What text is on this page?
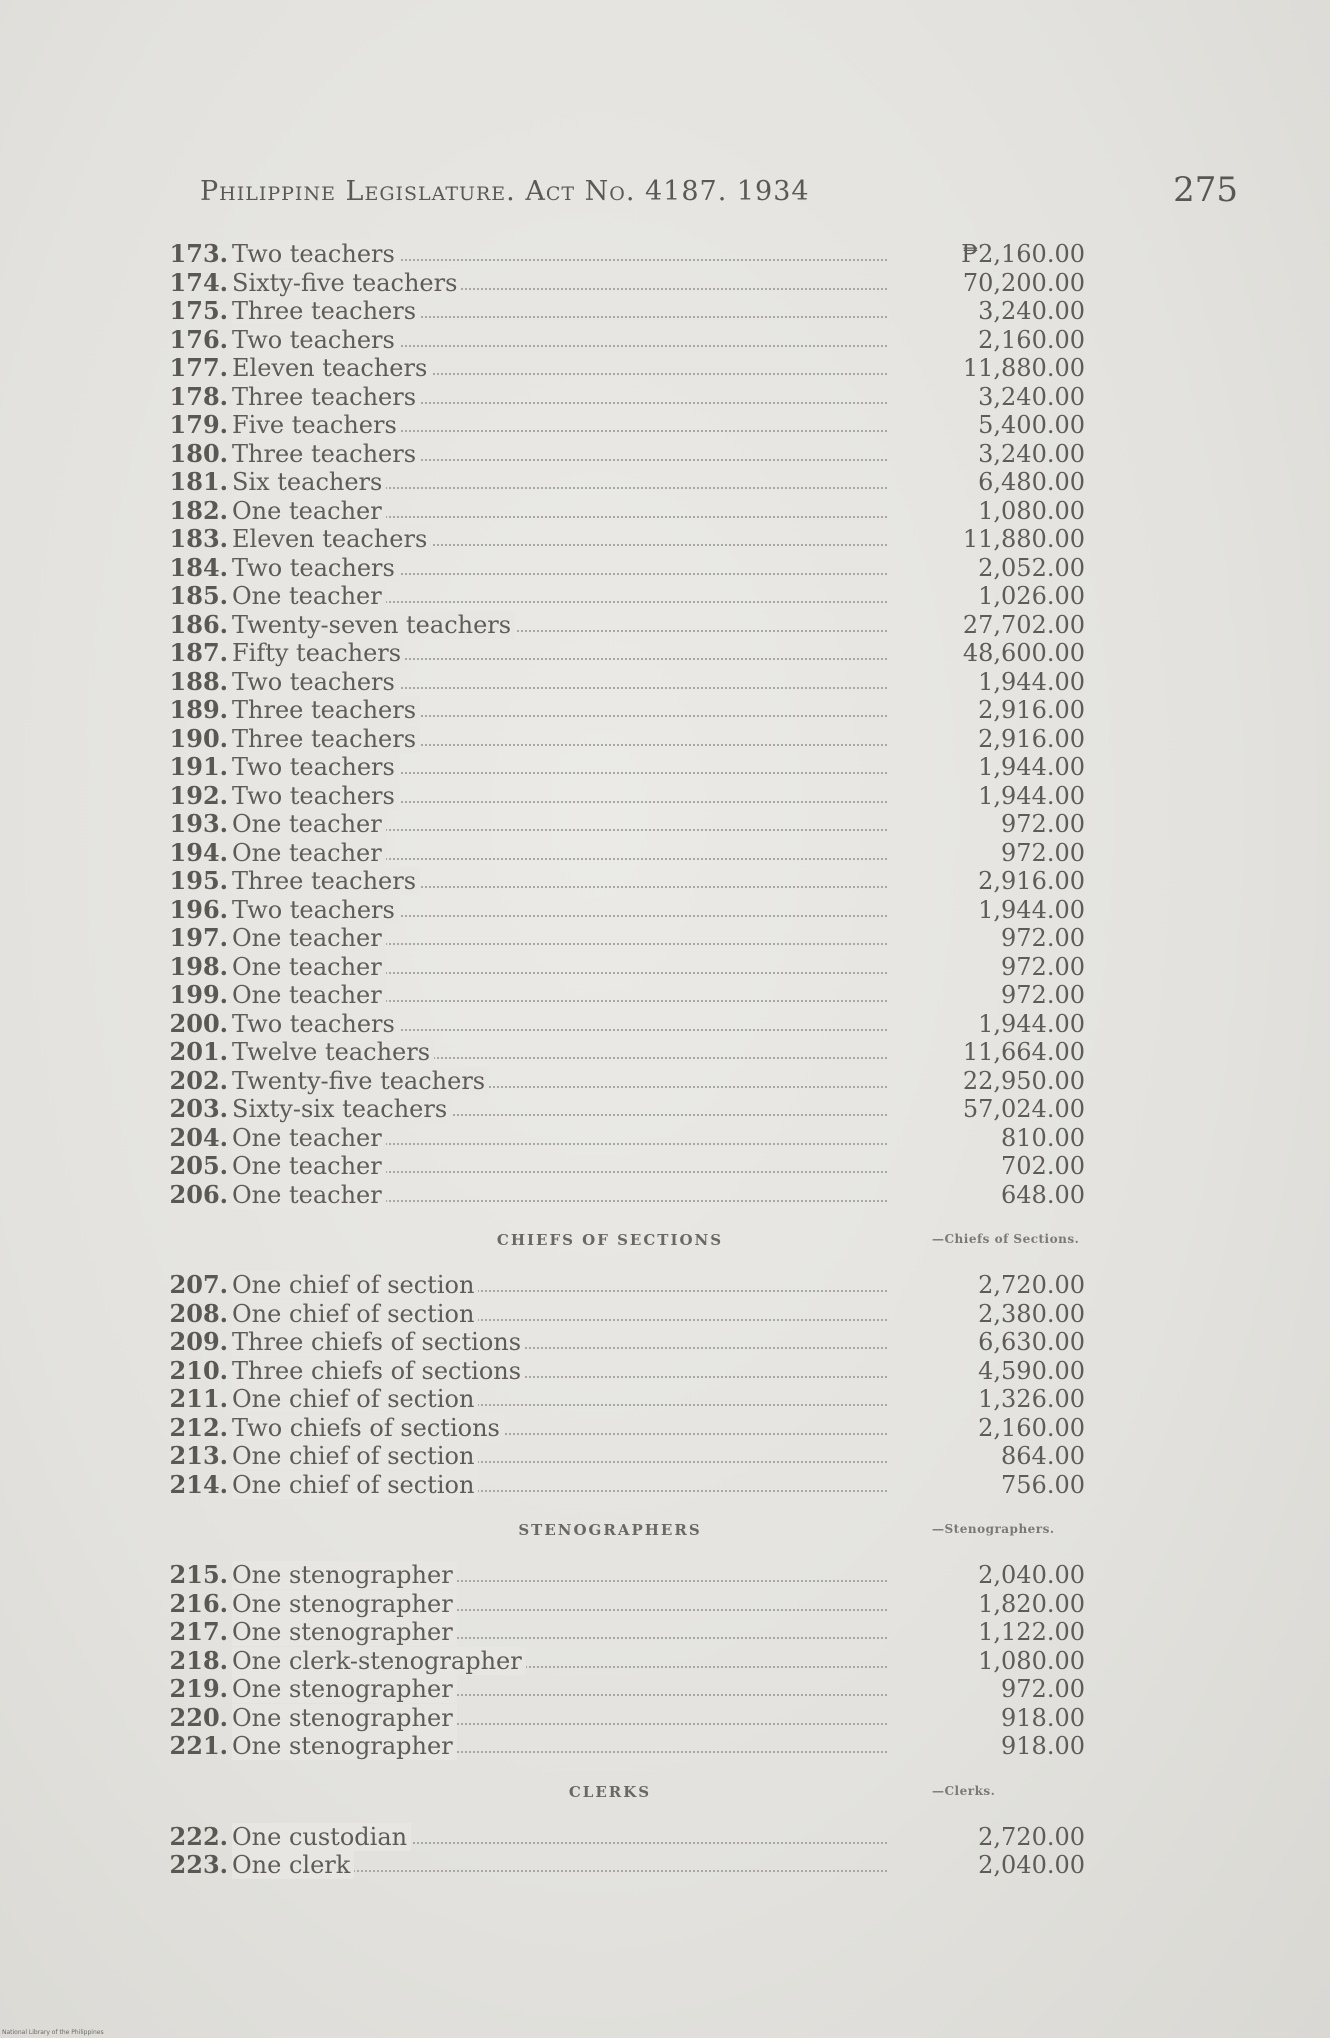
Philippine Legislature. Act No. 4187. 1934	275
173. Two teachers	₱2,160.00
174. Sixty-five teachers	70,200.00
175. Three teachers	3,240.00
176. Two teachers	2,160.00
177. Eleven teachers	11,880.00
178. Three teachers	3,240.00
179. Five teachers	5,400.00
180. Three teachers	3,240.00
181. Six teachers	6,480.00
182. One teacher	1,080.00
183. Eleven teachers	11,880.00
184. Two teachers	2,052.00
185. One teacher	1,026.00
186. Twenty-seven teachers	27,702.00
187. Fifty teachers	48,600.00
188. Two teachers	1,944.00
189. Three teachers	2,916.00
190. Three teachers	2,916.00
191. Two teachers	1,944.00
192. Two teachers	1,944.00
193. One teacher	972.00
194. One teacher	972.00
195. Three teachers	2,916.00
196. Two teachers	1,944.00
197. One teacher	972.00
198. One teacher	972.00
199. One teacher	972.00
200. Two teachers	1,944.00
201. Twelve teachers	11,664.00
202. Twenty-five teachers	22,950.00
203. Sixty-six teachers	57,024.00
204. One teacher	810.00
205. One teacher	702.00
206. One teacher	648.00
CHIEFS OF SECTIONS	—Chiefs of Sections.
207. One chief of section	2,720.00
208. One chief of section	2,380.00
209. Three chiefs of sections	6,630.00
210. Three chiefs of sections	4,590.00
211. One chief of section	1,326.00
212. Two chiefs of sections	2,160.00
213. One chief of section	864.00
214. One chief of section	756.00
STENOGRAPHERS	—Stenographers.
215. One stenographer	2,040.00
216. One stenographer	1,820.00
217. One stenographer	1,122.00
218. One clerk-stenographer	1,080.00
219. One stenographer	972.00
220. One stenographer	918.00
221. One stenographer	918.00
CLERKS	—Clerks.
222. One custodian	2,720.00
223. One clerk	2,040.00
National Library of the Philippines
